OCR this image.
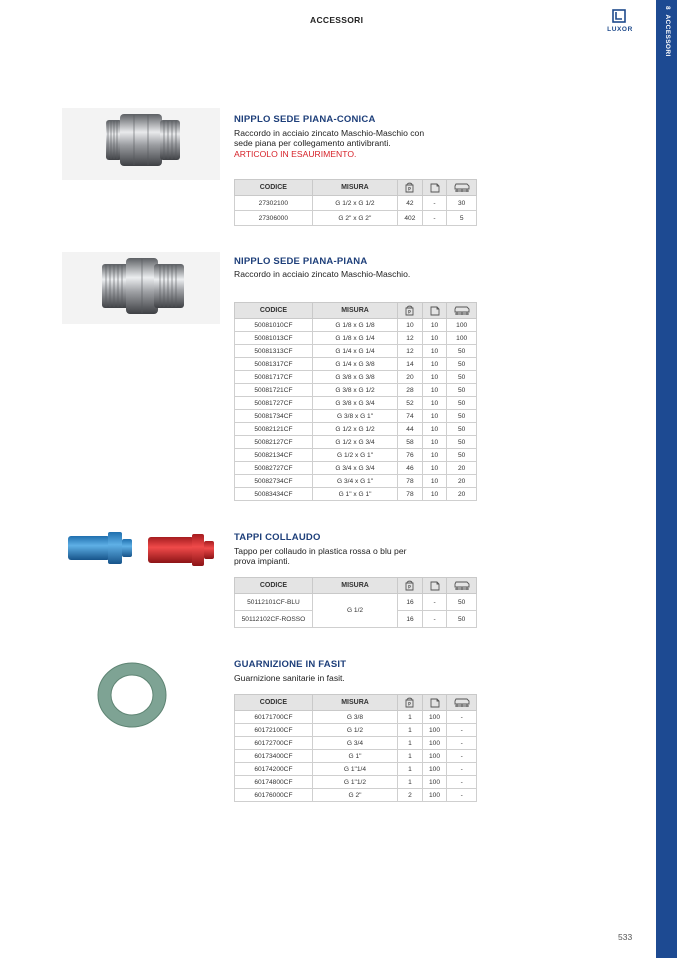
ACCESSORI
LUXOR
8  ACCESSORI
NIPPLO SEDE PIANA-CONICA
Raccordo in acciaio zincato Maschio-Maschio con sede piana per collegamento antivibranti.
ARTICOLO IN ESAURIMENTO.
CODICE	MISURA	P

27302100	G 1/2 x G 1/2	42	-	30
27306000	G 2" x G 2"	402	-	5
NIPPLO SEDE PIANA-PIANA
Raccordo in acciaio zincato Maschio-Maschio.
CODICE	MISURA	P

50081010CF	G 1/8 x G 1/8	10	10	100
50081013CF	G 1/8 x G 1/4	12	10	100
50081313CF	G 1/4 x G 1/4	12	10	50
50081317CF	G 1/4 x G 3/8	14	10	50
50081717CF	G 3/8 x G 3/8	20	10	50
50081721CF	G 3/8 x G 1/2	28	10	50
50081727CF	G 3/8 x G 3/4	52	10	50
50081734CF	G 3/8 x G 1"	74	10	50
50082121CF	G 1/2 x G 1/2	44	10	50
50082127CF	G 1/2 x G 3/4	58	10	50
50082134CF	G 1/2 x G 1"	76	10	50
50082727CF	G 3/4 x G 3/4	46	10	20
50082734CF	G 3/4 x G 1"	78	10	20
50083434CF	G 1" x G 1"	78	10	20
TAPPI COLLAUDO
Tappo per collaudo in plastica rossa o blu per prova impianti.
CODICE	MISURA	P

50112101CF-BLU	G 1/2	16	-	50
50112102CF-ROSSO		16	-	50
GUARNIZIONE IN FASIT
Guarnizione sanitarie in fasit.
CODICE	MISURA	P

60171700CF	G 3/8	1	100	-
60172100CF	G 1/2	1	100	-
60172700CF	G 3/4	1	100	-
60173400CF	G 1"	1	100	-
60174200CF	G 1"1/4	1	100	-
60174800CF	G 1"1/2	1	100	-
60176000CF	G 2"	2	100	-
533
